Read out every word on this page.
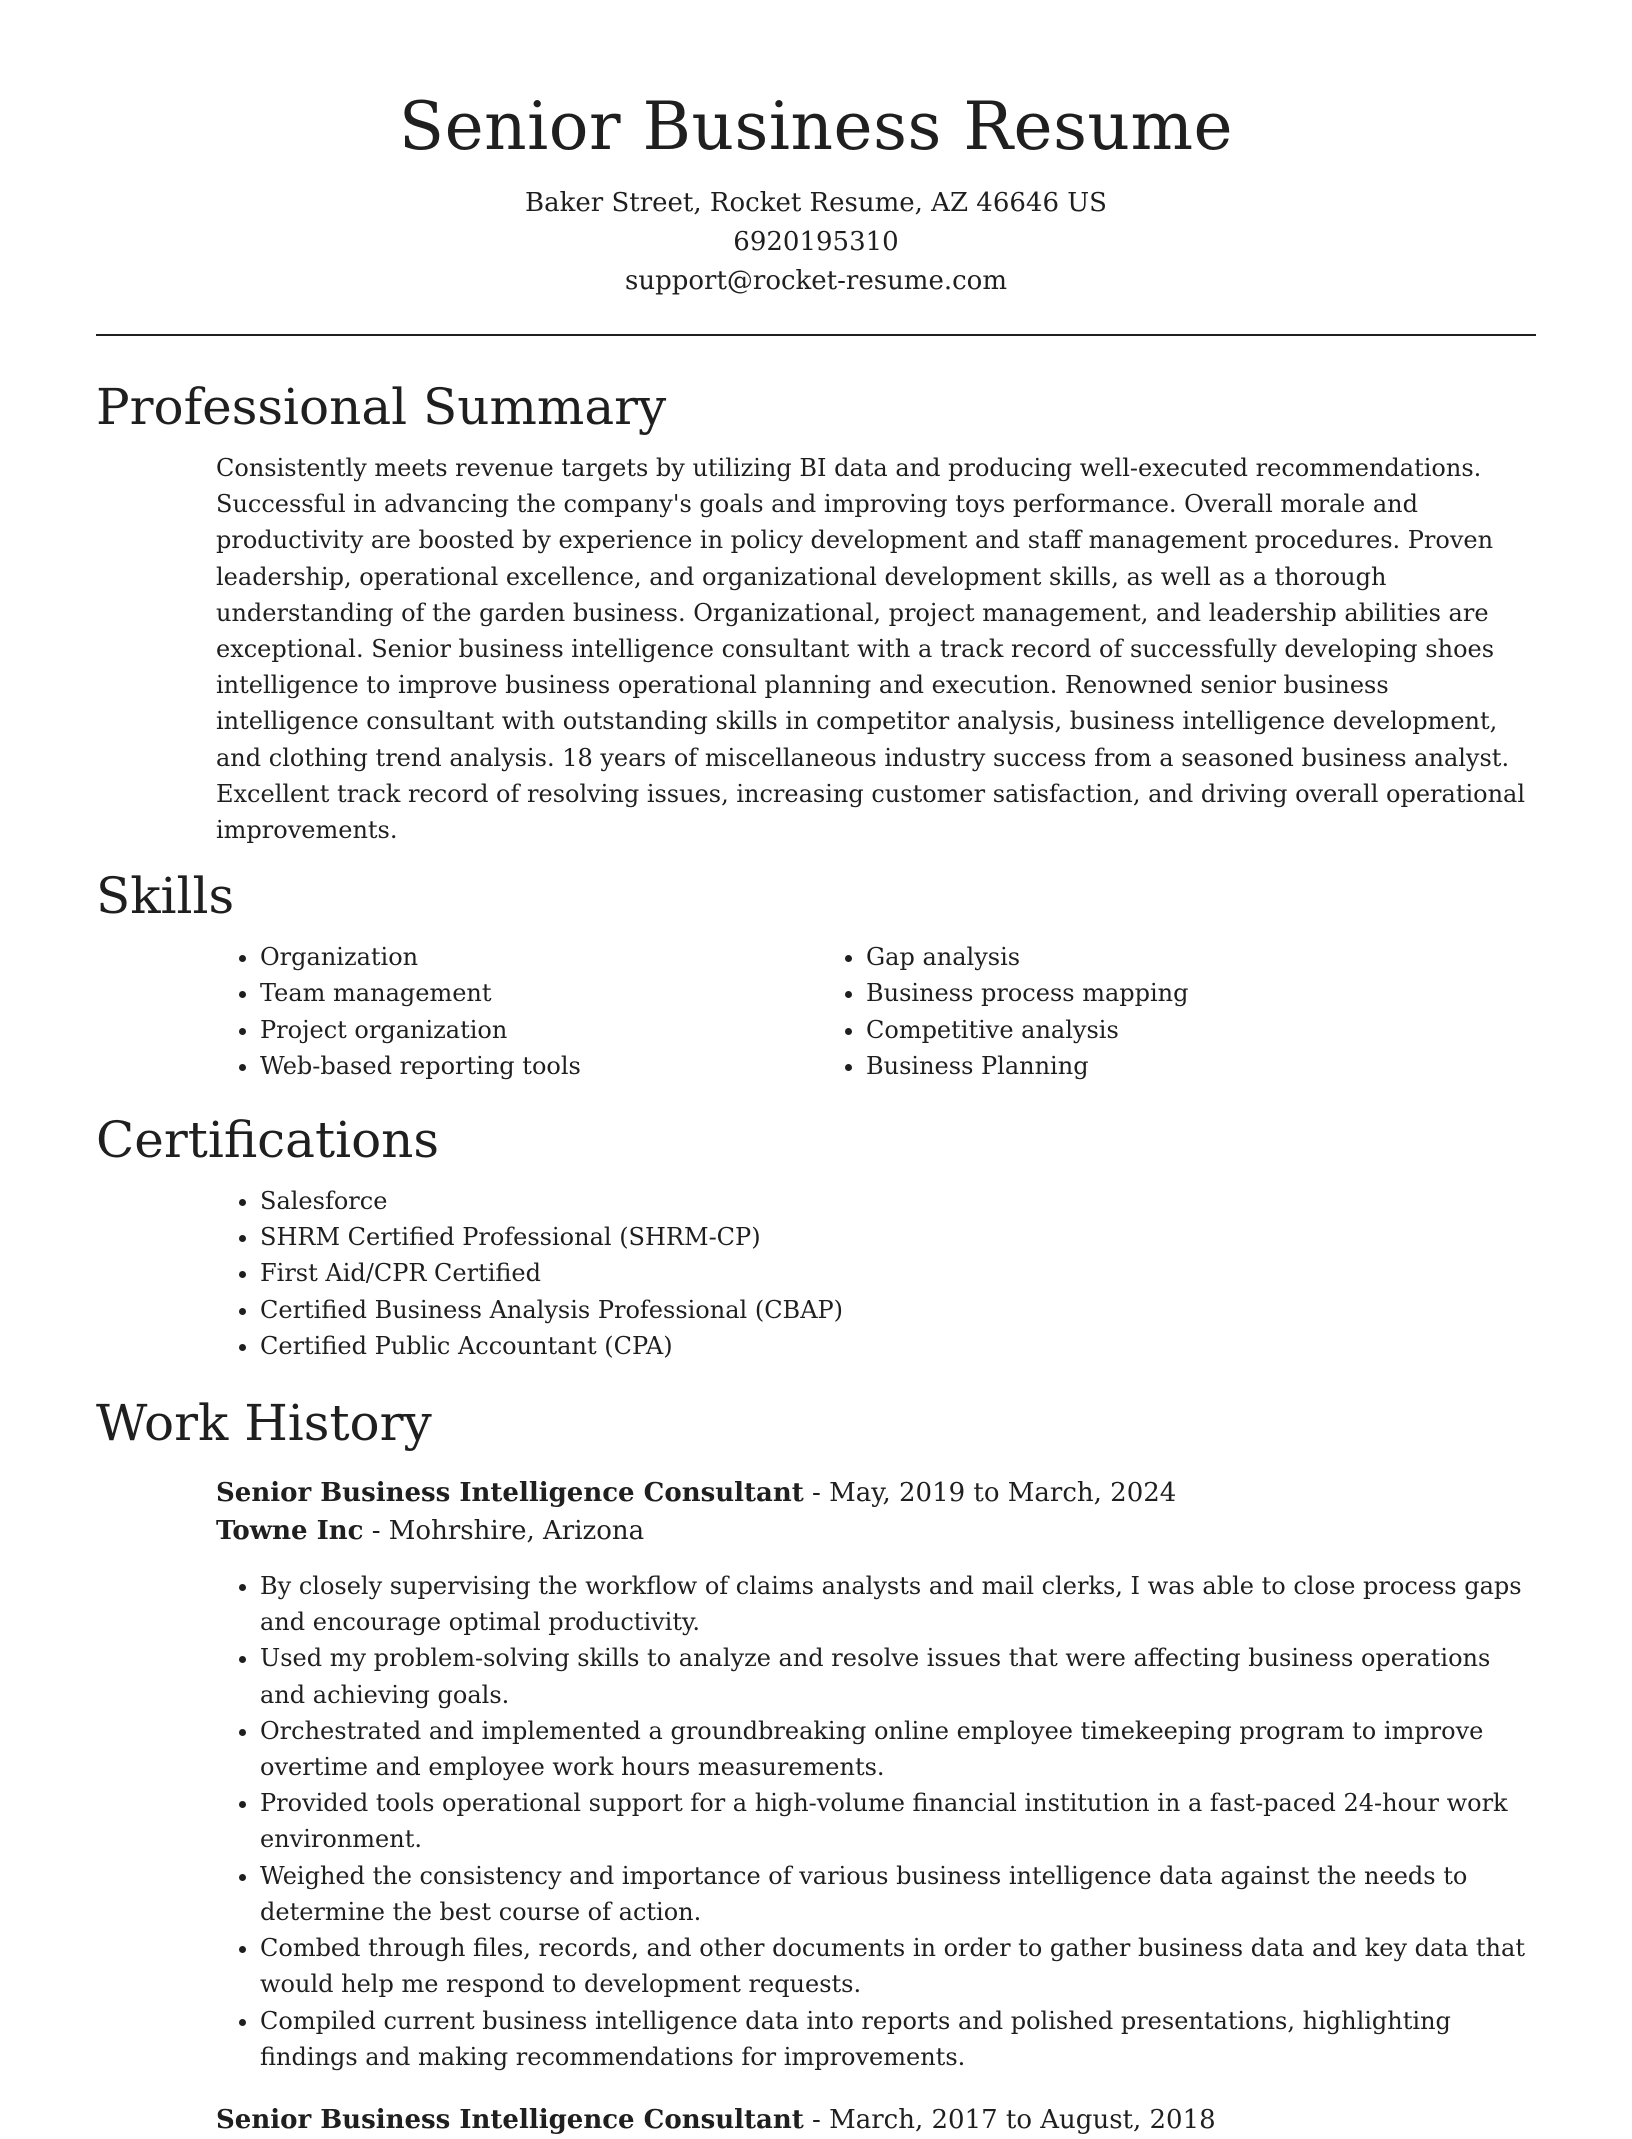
Senior Business Resume
Baker Street, Rocket Resume, AZ 46646 US
6920195310
support@rocket-resume.com
Professional Summary

Consistently meets revenue targets by utilizing BI data and producing well-executed recommendations. Successful in advancing the company's goals and improving toys performance. Overall morale and productivity are boosted by experience in policy development and staff management procedures. Proven leadership, operational excellence, and organizational development skills, as well as a thorough understanding of the garden business. Organizational, project management, and leadership abilities are exceptional. Senior business intelligence consultant with a track record of successfully developing shoes intelligence to improve business operational planning and execution. Renowned senior business intelligence consultant with outstanding skills in competitor analysis, business intelligence development, and clothing trend analysis. 18 years of miscellaneous industry success from a seasoned business analyst. Excellent track record of resolving issues, increasing customer satisfaction, and driving overall operational improvements.

Skills
• Organization
• Team management
• Project organization
• Web-based reporting tools
• Gap analysis
• Business process mapping
• Competitive analysis
• Business Planning
Certifications
• Salesforce
• SHRM Certified Professional (SHRM-CP)
• First Aid/CPR Certified
• Certified Business Analysis Professional (CBAP)
• Certified Public Accountant (CPA)
Work History
Senior Business Intelligence Consultant - May, 2019 to March, 2024
Towne Inc - Mohrshire, Arizona
• By closely supervising the workflow of claims analysts and mail clerks, I was able to close process gaps and encourage optimal productivity.
• Used my problem-solving skills to analyze and resolve issues that were affecting business operations and achieving goals.
• Orchestrated and implemented a groundbreaking online employee timekeeping program to improve overtime and employee work hours measurements.
• Provided tools operational support for a high-volume financial institution in a fast-paced 24-hour work environment.
• Weighed the consistency and importance of various business intelligence data against the needs to determine the best course of action.
• Combed through files, records, and other documents in order to gather business data and key data that would help me respond to development requests.
• Compiled current business intelligence data into reports and polished presentations, highlighting findings and making recommendations for improvements.
Senior Business Intelligence Consultant - March, 2017 to August, 2018
